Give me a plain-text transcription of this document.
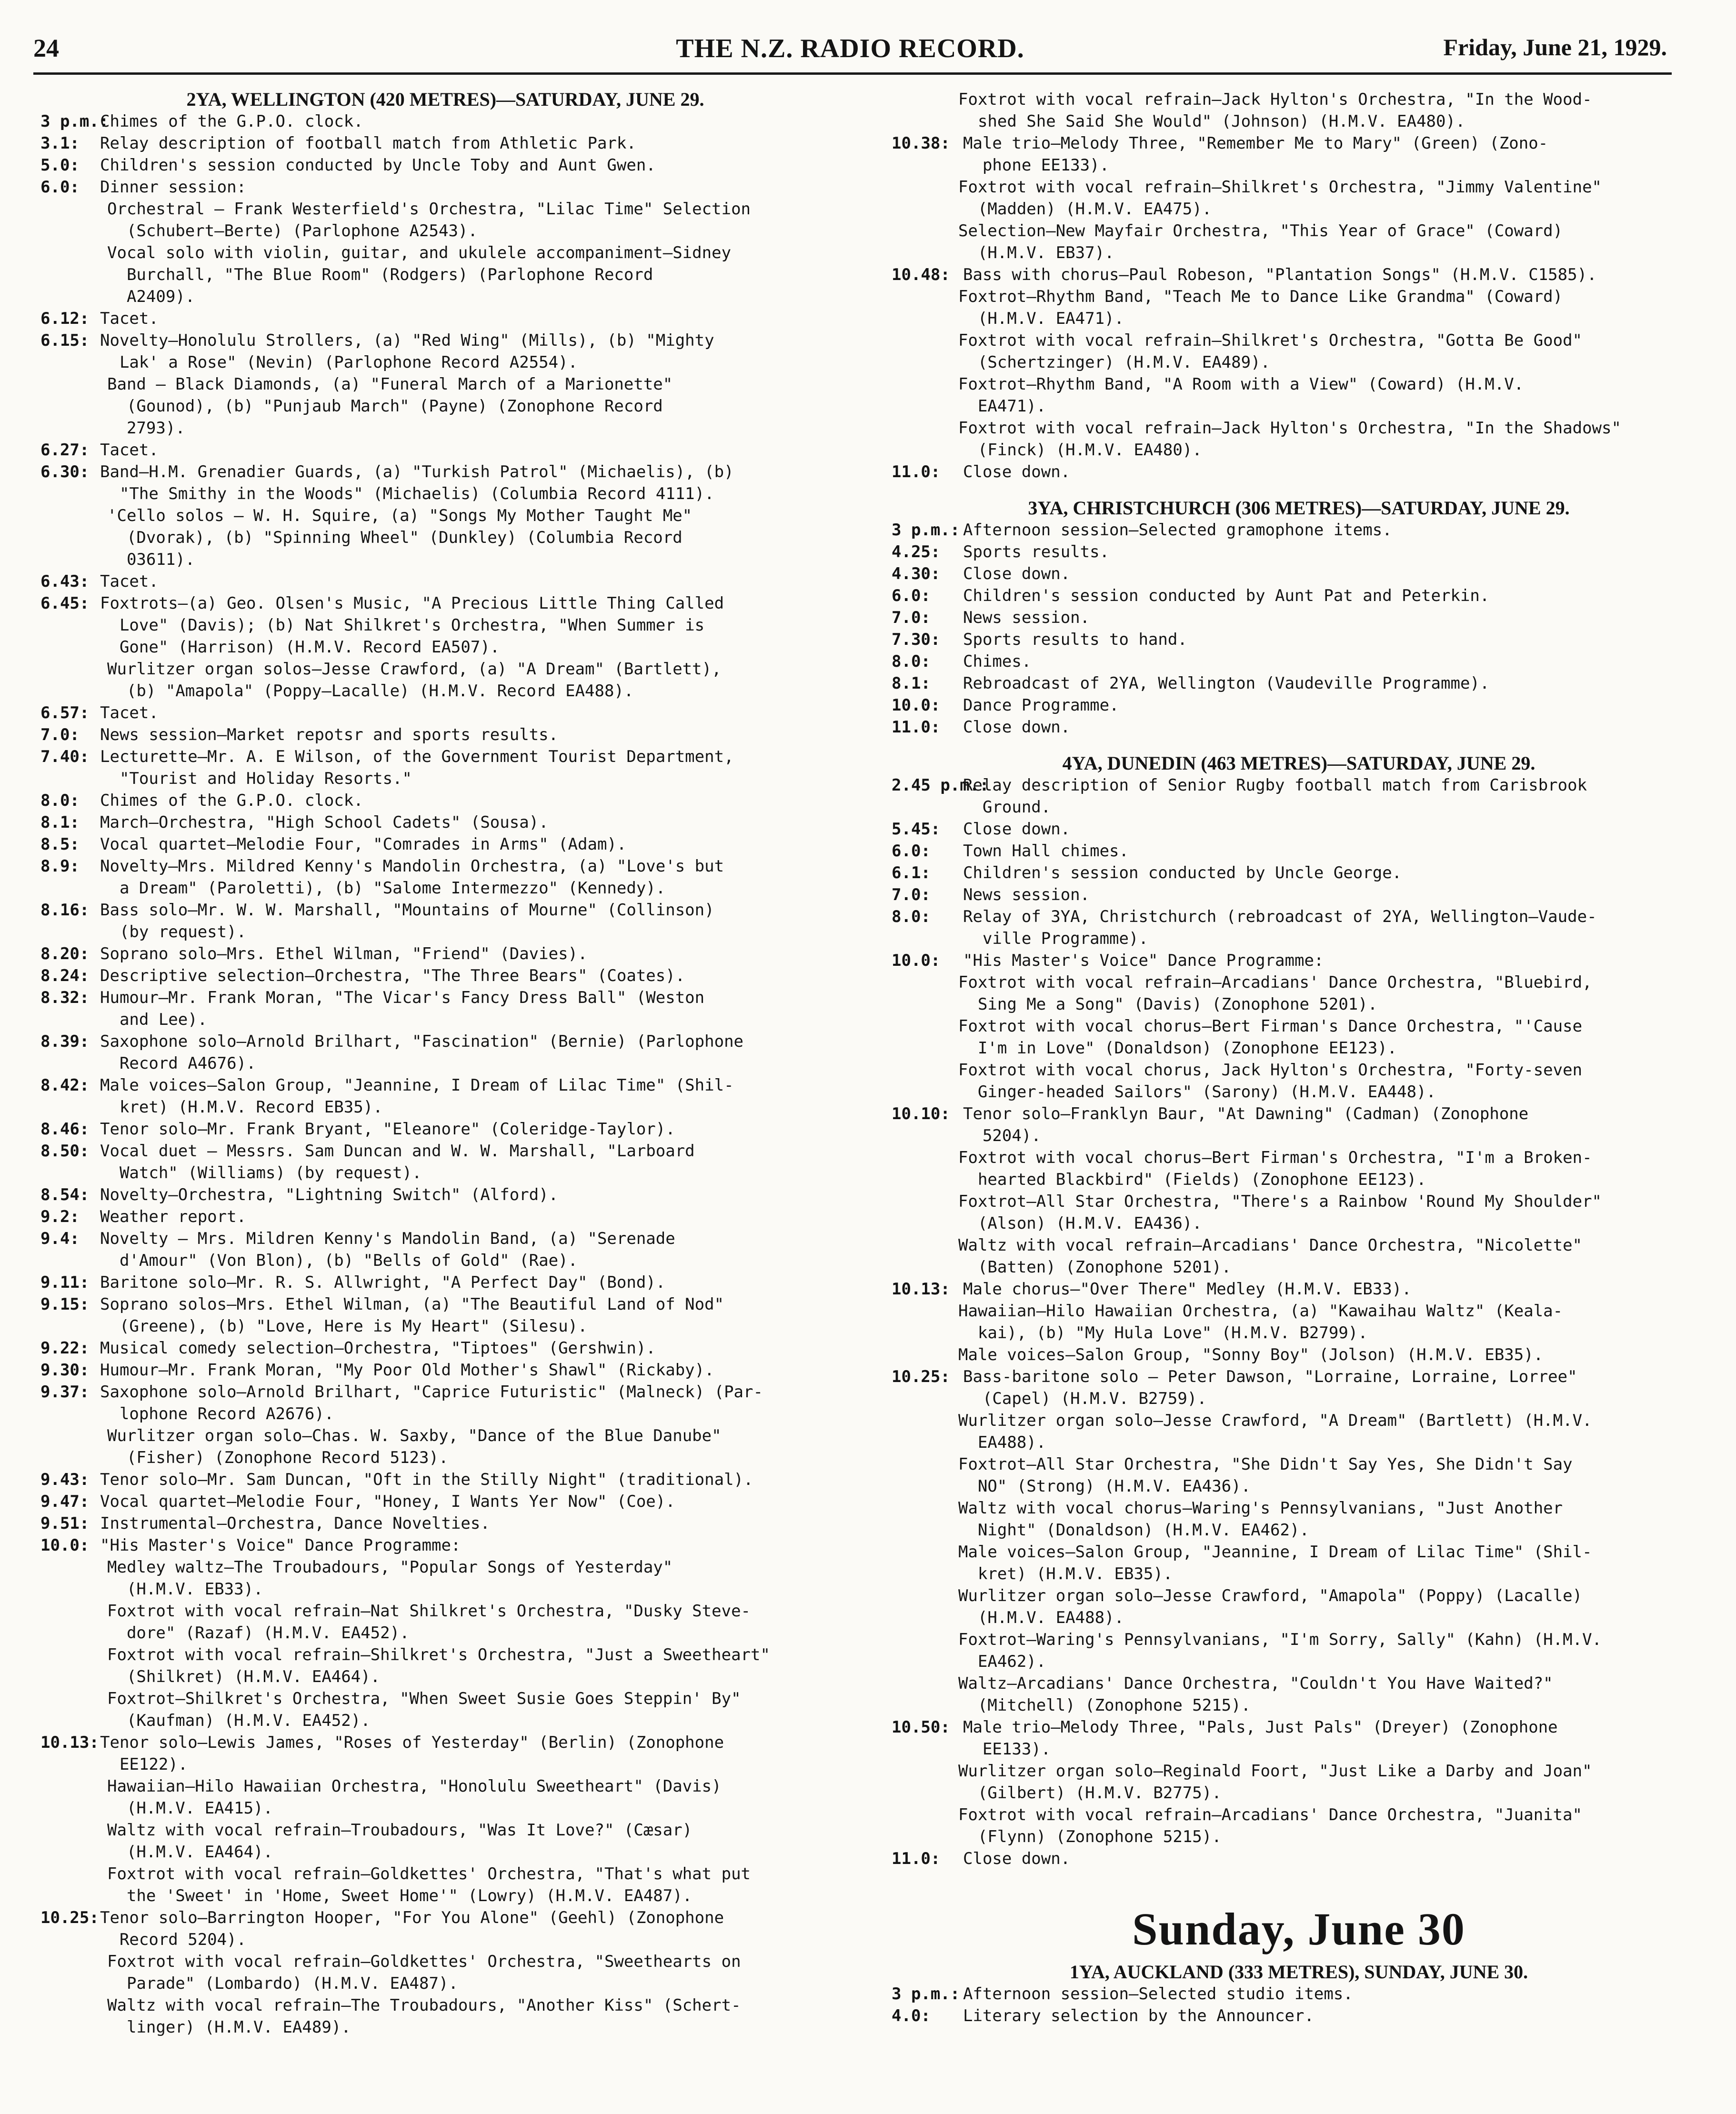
24	THE N.Z. RADIO RECORD.	Friday, June 21, 1929.
2YA, WELLINGTON (420 METRES)—SATURDAY, JUNE 29.
3 p.m.:
Chimes of the G.P.O. clock.
3.1: Relay description of football match from Athletic Park.
5.0: Children's session conducted by Uncle Toby and Aunt Gwen.
6.0: Dinner session:
Orchestral — Frank Westerfield's Orchestra, "Lilac Time" Selection
(Schubert—Berte) (Parlophone A2543).
Vocal solo with violin, guitar, and ukulele accompaniment—Sidney
Burchall, "The Blue Room" (Rodgers) (Parlophone Record
A2409).
6.12: Tacet.
6.15: Novelty—Honolulu Strollers, (a) "Red Wing" (Mills), (b) "Mighty
Lak' a Rose" (Nevin) (Parlophone Record A2554).
Band — Black Diamonds, (a) "Funeral March of a Marionette"
(Gounod), (b) "Punjaub March" (Payne) (Zonophone Record
2793).
6.27: Tacet.
6.30: Band—H.M. Grenadier Guards, (a) "Turkish Patrol" (Michaelis), (b)
"The Smithy in the Woods" (Michaelis) (Columbia Record 4111).
'Cello solos — W. H. Squire, (a) "Songs My Mother Taught Me"
(Dvorak), (b) "Spinning Wheel" (Dunkley) (Columbia Record
03611).
6.43: Tacet.
6.45: Foxtrots—(a) Geo. Olsen's Music, "A Precious Little Thing Called
Love" (Davis); (b) Nat Shilkret's Orchestra, "When Summer is
Gone" (Harrison) (H.M.V. Record EA507).
Wurlitzer organ solos—Jesse Crawford, (a) "A Dream" (Bartlett),
(b) "Amapola" (Poppy—Lacalle) (H.M.V. Record EA488).
6.57: Tacet.
7.0: News session—Market repotsr and sports results.
7.40: Lecturette—Mr. A. E Wilson, of the Government Tourist Department,
"Tourist and Holiday Resorts."
8.0: Chimes of the G.P.O. clock.
8.1: March—Orchestra, "High School Cadets" (Sousa).
8.5: Vocal quartet—Melodie Four, "Comrades in Arms" (Adam).
8.9: Novelty—Mrs. Mildred Kenny's Mandolin Orchestra, (a) "Love's but
a Dream" (Paroletti), (b) "Salome Intermezzo" (Kennedy).
8.16: Bass solo—Mr. W. W. Marshall, "Mountains of Mourne" (Collinson)
(by request).
8.20: Soprano solo—Mrs. Ethel Wilman, "Friend" (Davies).
8.24: Descriptive selection—Orchestra, "The Three Bears" (Coates).
8.32: Humour—Mr. Frank Moran, "The Vicar's Fancy Dress Ball" (Weston
and Lee).
8.39: Saxophone solo—Arnold Brilhart, "Fascination" (Bernie) (Parlophone
Record A4676).
8.42: Male voices—Salon Group, "Jeannine, I Dream of Lilac Time" (Shil-
kret) (H.M.V. Record EB35).
8.46: Tenor solo—Mr. Frank Bryant, "Eleanore" (Coleridge-Taylor).
8.50: Vocal duet — Messrs. Sam Duncan and W. W. Marshall, "Larboard
Watch" (Williams) (by request).
8.54: Novelty—Orchestra, "Lightning Switch" (Alford).
9.2: Weather report.
9.4: Novelty — Mrs. Mildren Kenny's Mandolin Band, (a) "Serenade
d'Amour" (Von Blon), (b) "Bells of Gold" (Rae).
9.11: Baritone solo—Mr. R. S. Allwright, "A Perfect Day" (Bond).
9.15: Soprano solos—Mrs. Ethel Wilman, (a) "The Beautiful Land of Nod"
(Greene), (b) "Love, Here is My Heart" (Silesu).
9.22: Musical comedy selection—Orchestra, "Tiptoes" (Gershwin).
9.30: Humour—Mr. Frank Moran, "My Poor Old Mother's Shawl" (Rickaby).
9.37: Saxophone solo—Arnold Brilhart, "Caprice Futuristic" (Malneck) (Par-
lophone Record A2676).
Wurlitzer organ solo—Chas. W. Saxby, "Dance of the Blue Danube"
(Fisher) (Zonophone Record 5123).
9.43: Tenor solo—Mr. Sam Duncan, "Oft in the Stilly Night" (traditional).
9.47: Vocal quartet—Melodie Four, "Honey, I Wants Yer Now" (Coe).
9.51: Instrumental—Orchestra, Dance Novelties.
10.0: "His Master's Voice" Dance Programme:
Medley waltz—The Troubadours, "Popular Songs of Yesterday"
(H.M.V. EB33).
Foxtrot with vocal refrain—Nat Shilkret's Orchestra, "Dusky Steve-
dore" (Razaf) (H.M.V. EA452).
Foxtrot with vocal refrain—Shilkret's Orchestra, "Just a Sweetheart"
(Shilkret) (H.M.V. EA464).
Foxtrot—Shilkret's Orchestra, "When Sweet Susie Goes Steppin' By"
(Kaufman) (H.M.V. EA452).
10.13: Tenor solo—Lewis James, "Roses of Yesterday" (Berlin) (Zonophone
EE122).
Hawaiian—Hilo Hawaiian Orchestra, "Honolulu Sweetheart" (Davis)
(H.M.V. EA415).
Waltz with vocal refrain—Troubadours, "Was It Love?" (Cæsar)
(H.M.V. EA464).
Foxtrot with vocal refrain—Goldkettes' Orchestra, "That's what put
the 'Sweet' in 'Home, Sweet Home'" (Lowry) (H.M.V. EA487).
10.25: Tenor solo—Barrington Hooper, "For You Alone" (Geehl) (Zonophone
Record 5204).
Foxtrot with vocal refrain—Goldkettes' Orchestra, "Sweethearts on
Parade" (Lombardo) (H.M.V. EA487).
Waltz with vocal refrain—The Troubadours, "Another Kiss" (Schert-
linger) (H.M.V. EA489).
Foxtrot with vocal refrain—Jack Hylton's Orchestra, "In the Wood-
shed She Said She Would" (Johnson) (H.M.V. EA480).
10.38: Male trio—Melody Three, "Remember Me to Mary" (Green) (Zono-
phone EE133).
Foxtrot with vocal refrain—Shilkret's Orchestra, "Jimmy Valentine"
(Madden) (H.M.V. EA475).
Selection—New Mayfair Orchestra, "This Year of Grace" (Coward)
(H.M.V. EB37).
10.48: Bass with chorus—Paul Robeson, "Plantation Songs" (H.M.V. C1585).
Foxtrot—Rhythm Band, "Teach Me to Dance Like Grandma" (Coward)
(H.M.V. EA471).
Foxtrot with vocal refrain—Shilkret's Orchestra, "Gotta Be Good"
(Schertzinger) (H.M.V. EA489).
Foxtrot—Rhythm Band, "A Room with a View" (Coward) (H.M.V.
EA471).
Foxtrot with vocal refrain—Jack Hylton's Orchestra, "In the Shadows"
(Finck) (H.M.V. EA480).
11.0: Close down.
3YA, CHRISTCHURCH (306 METRES)—SATURDAY, JUNE 29.
3 p.m.: Afternoon session—Selected gramophone items.
4.25: Sports results.
4.30: Close down.
6.0: Children's session conducted by Aunt Pat and Peterkin.
7.0: News session.
7.30: Sports results to hand.
8.0: Chimes.
8.1: Rebroadcast of 2YA, Wellington (Vaudeville Programme).
10.0: Dance Programme.
11.0: Close down.
4YA, DUNEDIN (463 METRES)—SATURDAY, JUNE 29.
2.45 p.m.:
Relay description of Senior Rugby football match from Carisbrook
Ground.
5.45: Close down.
6.0: Town Hall chimes.
6.1: Children's session conducted by Uncle George.
7.0: News session.
8.0: Relay of 3YA, Christchurch (rebroadcast of 2YA, Wellington—Vaude-
ville Programme).
10.0: "His Master's Voice" Dance Programme:
Foxtrot with vocal refrain—Arcadians' Dance Orchestra, "Bluebird,
Sing Me a Song" (Davis) (Zonophone 5201).
Foxtrot with vocal chorus—Bert Firman's Dance Orchestra, "'Cause
I'm in Love" (Donaldson) (Zonophone EE123).
Foxtrot with vocal chorus, Jack Hylton's Orchestra, "Forty-seven
Ginger-headed Sailors" (Sarony) (H.M.V. EA448).
10.10: Tenor solo—Franklyn Baur, "At Dawning" (Cadman) (Zonophone
5204).
Foxtrot with vocal chorus—Bert Firman's Orchestra, "I'm a Broken-
hearted Blackbird" (Fields) (Zonophone EE123).
Foxtrot—All Star Orchestra, "There's a Rainbow 'Round My Shoulder"
(Alson) (H.M.V. EA436).
Waltz with vocal refrain—Arcadians' Dance Orchestra, "Nicolette"
(Batten) (Zonophone 5201).
10.13: Male chorus—"Over There" Medley (H.M.V. EB33).
Hawaiian—Hilo Hawaiian Orchestra, (a) "Kawaihau Waltz" (Keala-
kai), (b) "My Hula Love" (H.M.V. B2799).
Male voices—Salon Group, "Sonny Boy" (Jolson) (H.M.V. EB35).
10.25: Bass-baritone solo — Peter Dawson, "Lorraine, Lorraine, Lorree"
(Capel) (H.M.V. B2759).
Wurlitzer organ solo—Jesse Crawford, "A Dream" (Bartlett) (H.M.V.
EA488).
Foxtrot—All Star Orchestra, "She Didn't Say Yes, She Didn't Say
NO" (Strong) (H.M.V. EA436).
Waltz with vocal chorus—Waring's Pennsylvanians, "Just Another
Night" (Donaldson) (H.M.V. EA462).
Male voices—Salon Group, "Jeannine, I Dream of Lilac Time" (Shil-
kret) (H.M.V. EB35).
Wurlitzer organ solo—Jesse Crawford, "Amapola" (Poppy) (Lacalle)
(H.M.V. EA488).
Foxtrot—Waring's Pennsylvanians, "I'm Sorry, Sally" (Kahn) (H.M.V.
EA462).
Waltz—Arcadians' Dance Orchestra, "Couldn't You Have Waited?"
(Mitchell) (Zonophone 5215).
10.50: Male trio—Melody Three, "Pals, Just Pals" (Dreyer) (Zonophone
EE133).
Wurlitzer organ solo—Reginald Foort, "Just Like a Darby and Joan"
(Gilbert) (H.M.V. B2775).
Foxtrot with vocal refrain—Arcadians' Dance Orchestra, "Juanita"
(Flynn) (Zonophone 5215).
11.0: Close down.
Sunday, June 30
1YA, AUCKLAND (333 METRES), SUNDAY, JUNE 30.
3 p.m.: Afternoon session—Selected studio items.
4.0: Literary selection by the Announcer.
